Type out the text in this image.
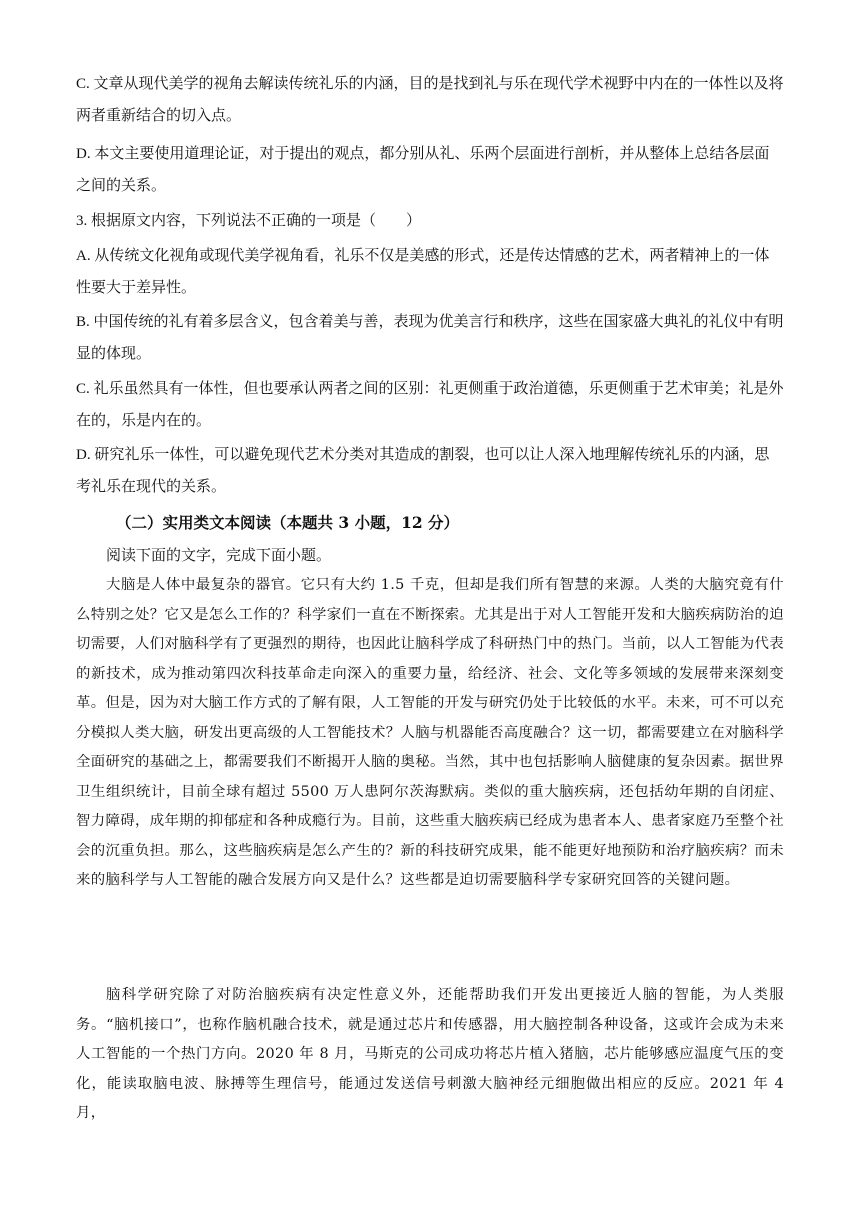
C. 文章从现代美学的视角去解读传统礼乐的内涵，目的是找到礼与乐在现代学术视野中内在的一体性以及将两者重新结合的切入点。
D. 本文主要使用道理论证，对于提出的观点，都分别从礼、乐两个层面进行剖析，并从整体上总结各层面之间的关系。
3. 根据原文内容，下列说法不正确的一项是（　　）
A. 从传统文化视角或现代美学视角看，礼乐不仅是美感的形式，还是传达情感的艺术，两者精神上的一体性要大于差异性。
B. 中国传统的礼有着多层含义，包含着美与善，表现为优美言行和秩序，这些在国家盛大典礼的礼仪中有明显的体现。
C. 礼乐虽然具有一体性，但也要承认两者之间的区别：礼更侧重于政治道德，乐更侧重于艺术审美；礼是外在的，乐是内在的。
D. 研究礼乐一体性，可以避免现代艺术分类对其造成的割裂，也可以让人深入地理解传统礼乐的内涵，思考礼乐在现代的关系。
（二）实用类文本阅读（本题共 3 小题，12 分）
阅读下面的文字，完成下面小题。
大脑是人体中最复杂的器官。它只有大约 1.5 千克，但却是我们所有智慧的来源。人类的大脑究竟有什么特别之处？它又是怎么工作的？科学家们一直在不断探索。尤其是出于对人工智能开发和大脑疾病防治的迫切需要，人们对脑科学有了更强烈的期待，也因此让脑科学成了科研热门中的热门。当前，以人工智能为代表的新技术，成为推动第四次科技革命走向深入的重要力量，给经济、社会、文化等多领域的发展带来深刻变革。但是，因为对大脑工作方式的了解有限，人工智能的开发与研究仍处于比较低的水平。未来，可不可以充分模拟人类大脑，研发出更高级的人工智能技术？人脑与机器能否高度融合？这一切，都需要建立在对脑科学全面研究的基础之上，都需要我们不断揭开人脑的奥秘。当然，其中也包括影响人脑健康的复杂因素。据世界卫生组织统计，目前全球有超过 5500 万人患阿尔茨海默病。类似的重大脑疾病，还包括幼年期的自闭症、智力障碍，成年期的抑郁症和各种成瘾行为。目前，这些重大脑疾病已经成为患者本人、患者家庭乃至整个社会的沉重负担。那么，这些脑疾病是怎么产生的？新的科技研究成果，能不能更好地预防和治疗脑疾病？而未来的脑科学与人工智能的融合发展方向又是什么？这些都是迫切需要脑科学专家研究回答的关键问题。
脑科学研究除了对防治脑疾病有决定性意义外，还能帮助我们开发出更接近人脑的智能，为人类服务。“脑机接口”，也称作脑机融合技术，就是通过芯片和传感器，用大脑控制各种设备，这或许会成为未来人工智能的一个热门方向。2020 年 8 月，马斯克的公司成功将芯片植入猪脑，芯片能够感应温度气压的变化，能读取脑电波、脉搏等生理信号，能通过发送信号刺激大脑神经元细胞做出相应的反应。2021 年 4 月，
